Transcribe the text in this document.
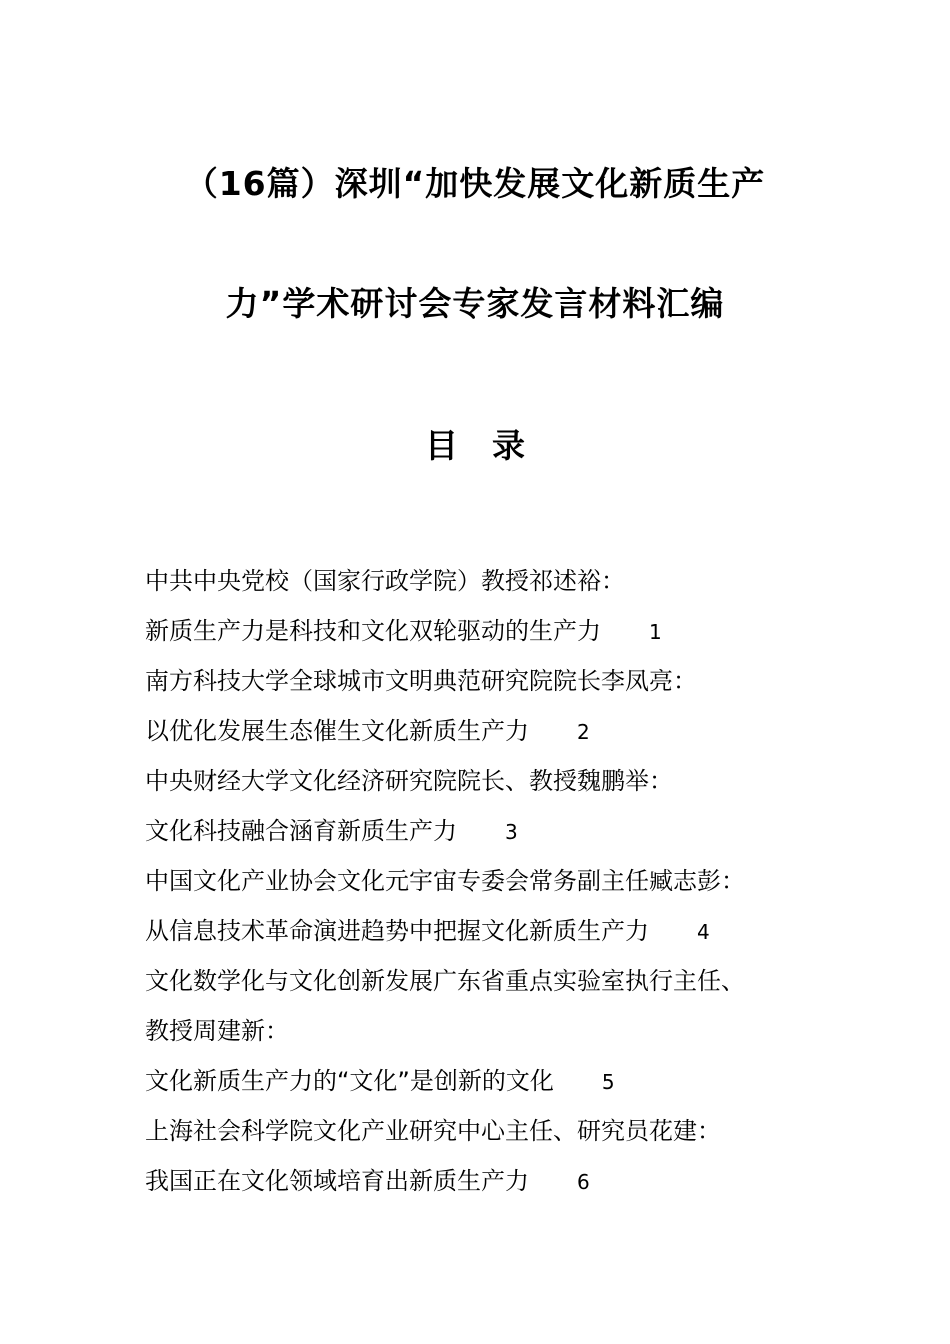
（16篇）深圳“加快发展文化新质生产
力”学术研讨会专家发言材料汇编
目 录
中共中央党校（国家行政学院）教授祁述裕：
新质生产力是科技和文化双轮驱动的生产力 1
南方科技大学全球城市文明典范研究院院长李凤亮：
以优化发展生态催生文化新质生产力 2
中央财经大学文化经济研究院院长、教授魏鹏举：
文化科技融合涵育新质生产力 3
中国文化产业协会文化元宇宙专委会常务副主任臧志彭：
从信息技术革命演进趋势中把握文化新质生产力 4
文化数学化与文化创新发展广东省重点实验室执行主任、
教授周建新：
文化新质生产力的“文化”是创新的文化 5
上海社会科学院文化产业研究中心主任、研究员花建：
我国正在文化领域培育出新质生产力 6
